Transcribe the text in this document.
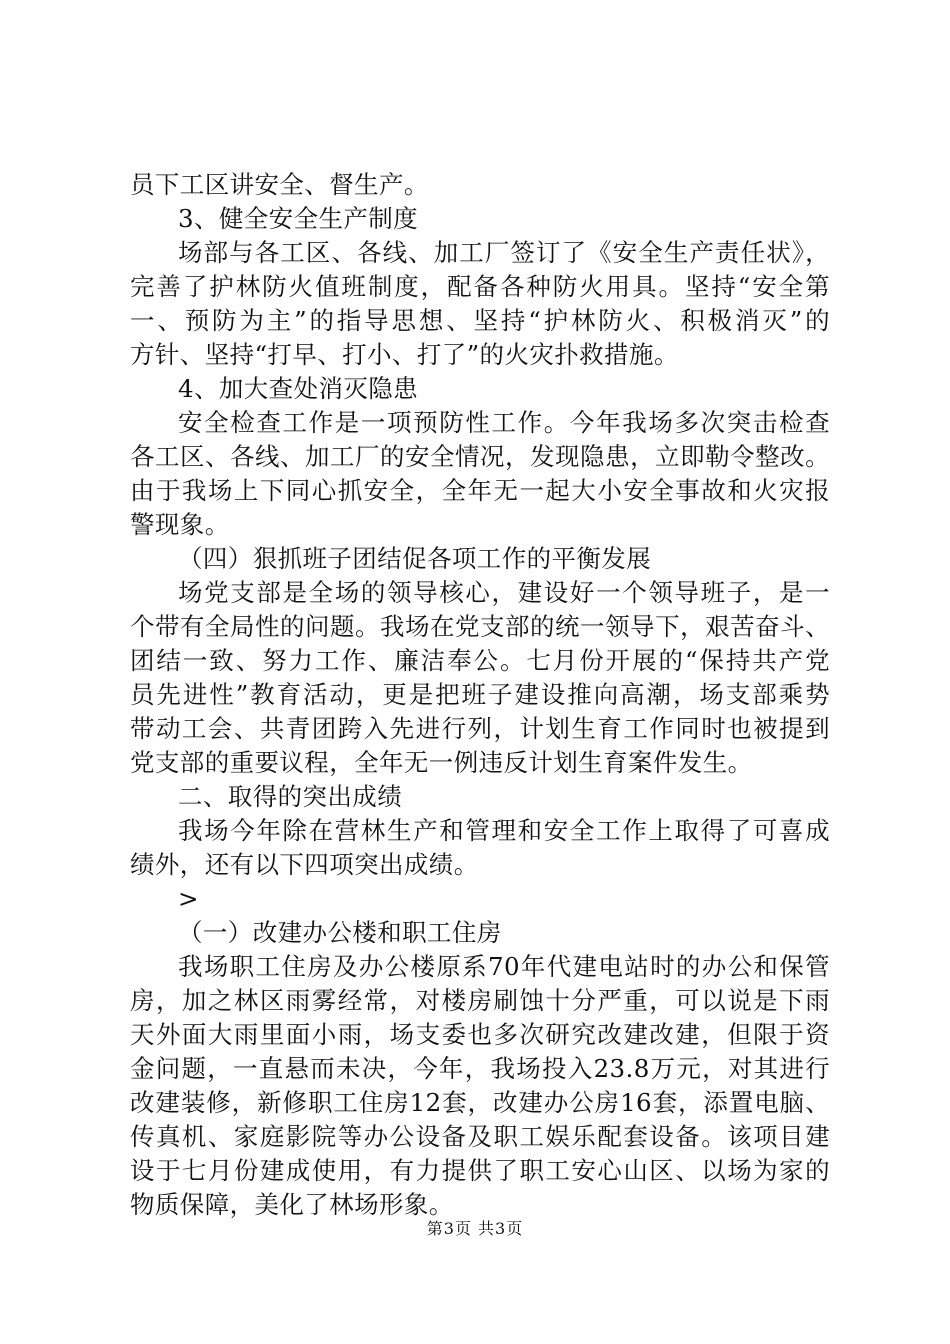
员下工区讲安全、督生产。
3、健全安全生产制度
场部与各工区、各线、加工厂签订了《安全生产责任状》，
完善了护林防火值班制度，配备各种防火用具。坚持“安全第
一、预防为主”的指导思想、坚持“护林防火、积极消灭”的
方针、坚持“打早、打小、打了”的火灾扑救措施。
4、加大查处消灭隐患
安全检查工作是一项预防性工作。今年我场多次突击检查
各工区、各线、加工厂的安全情况，发现隐患，立即勒令整改。
由于我场上下同心抓安全，全年无一起大小安全事故和火灾报
警现象。
（四）狠抓班子团结促各项工作的平衡发展
场党支部是全场的领导核心，建设好一个领导班子，是一
个带有全局性的问题。我场在党支部的统一领导下，艰苦奋斗、
团结一致、努力工作、廉洁奉公。七月份开展的“保持共产党
员先进性”教育活动，更是把班子建设推向高潮，场支部乘势
带动工会、共青团跨入先进行列，计划生育工作同时也被提到
党支部的重要议程，全年无一例违反计划生育案件发生。
二、取得的突出成绩
我场今年除在营林生产和管理和安全工作上取得了可喜成
绩外，还有以下四项突出成绩。
>
（一）改建办公楼和职工住房
我场职工住房及办公楼原系70年代建电站时的办公和保管
房，加之林区雨雾经常，对楼房刷蚀十分严重，可以说是下雨
天外面大雨里面小雨，场支委也多次研究改建改建，但限于资
金问题，一直悬而未决，今年，我场投入23.8万元，对其进行
改建装修，新修职工住房12套，改建办公房16套，添置电脑、
传真机、家庭影院等办公设备及职工娱乐配套设备。该项目建
设于七月份建成使用，有力提供了职工安心山区、以场为家的
物质保障，美化了林场形象。
第3页 共3页
